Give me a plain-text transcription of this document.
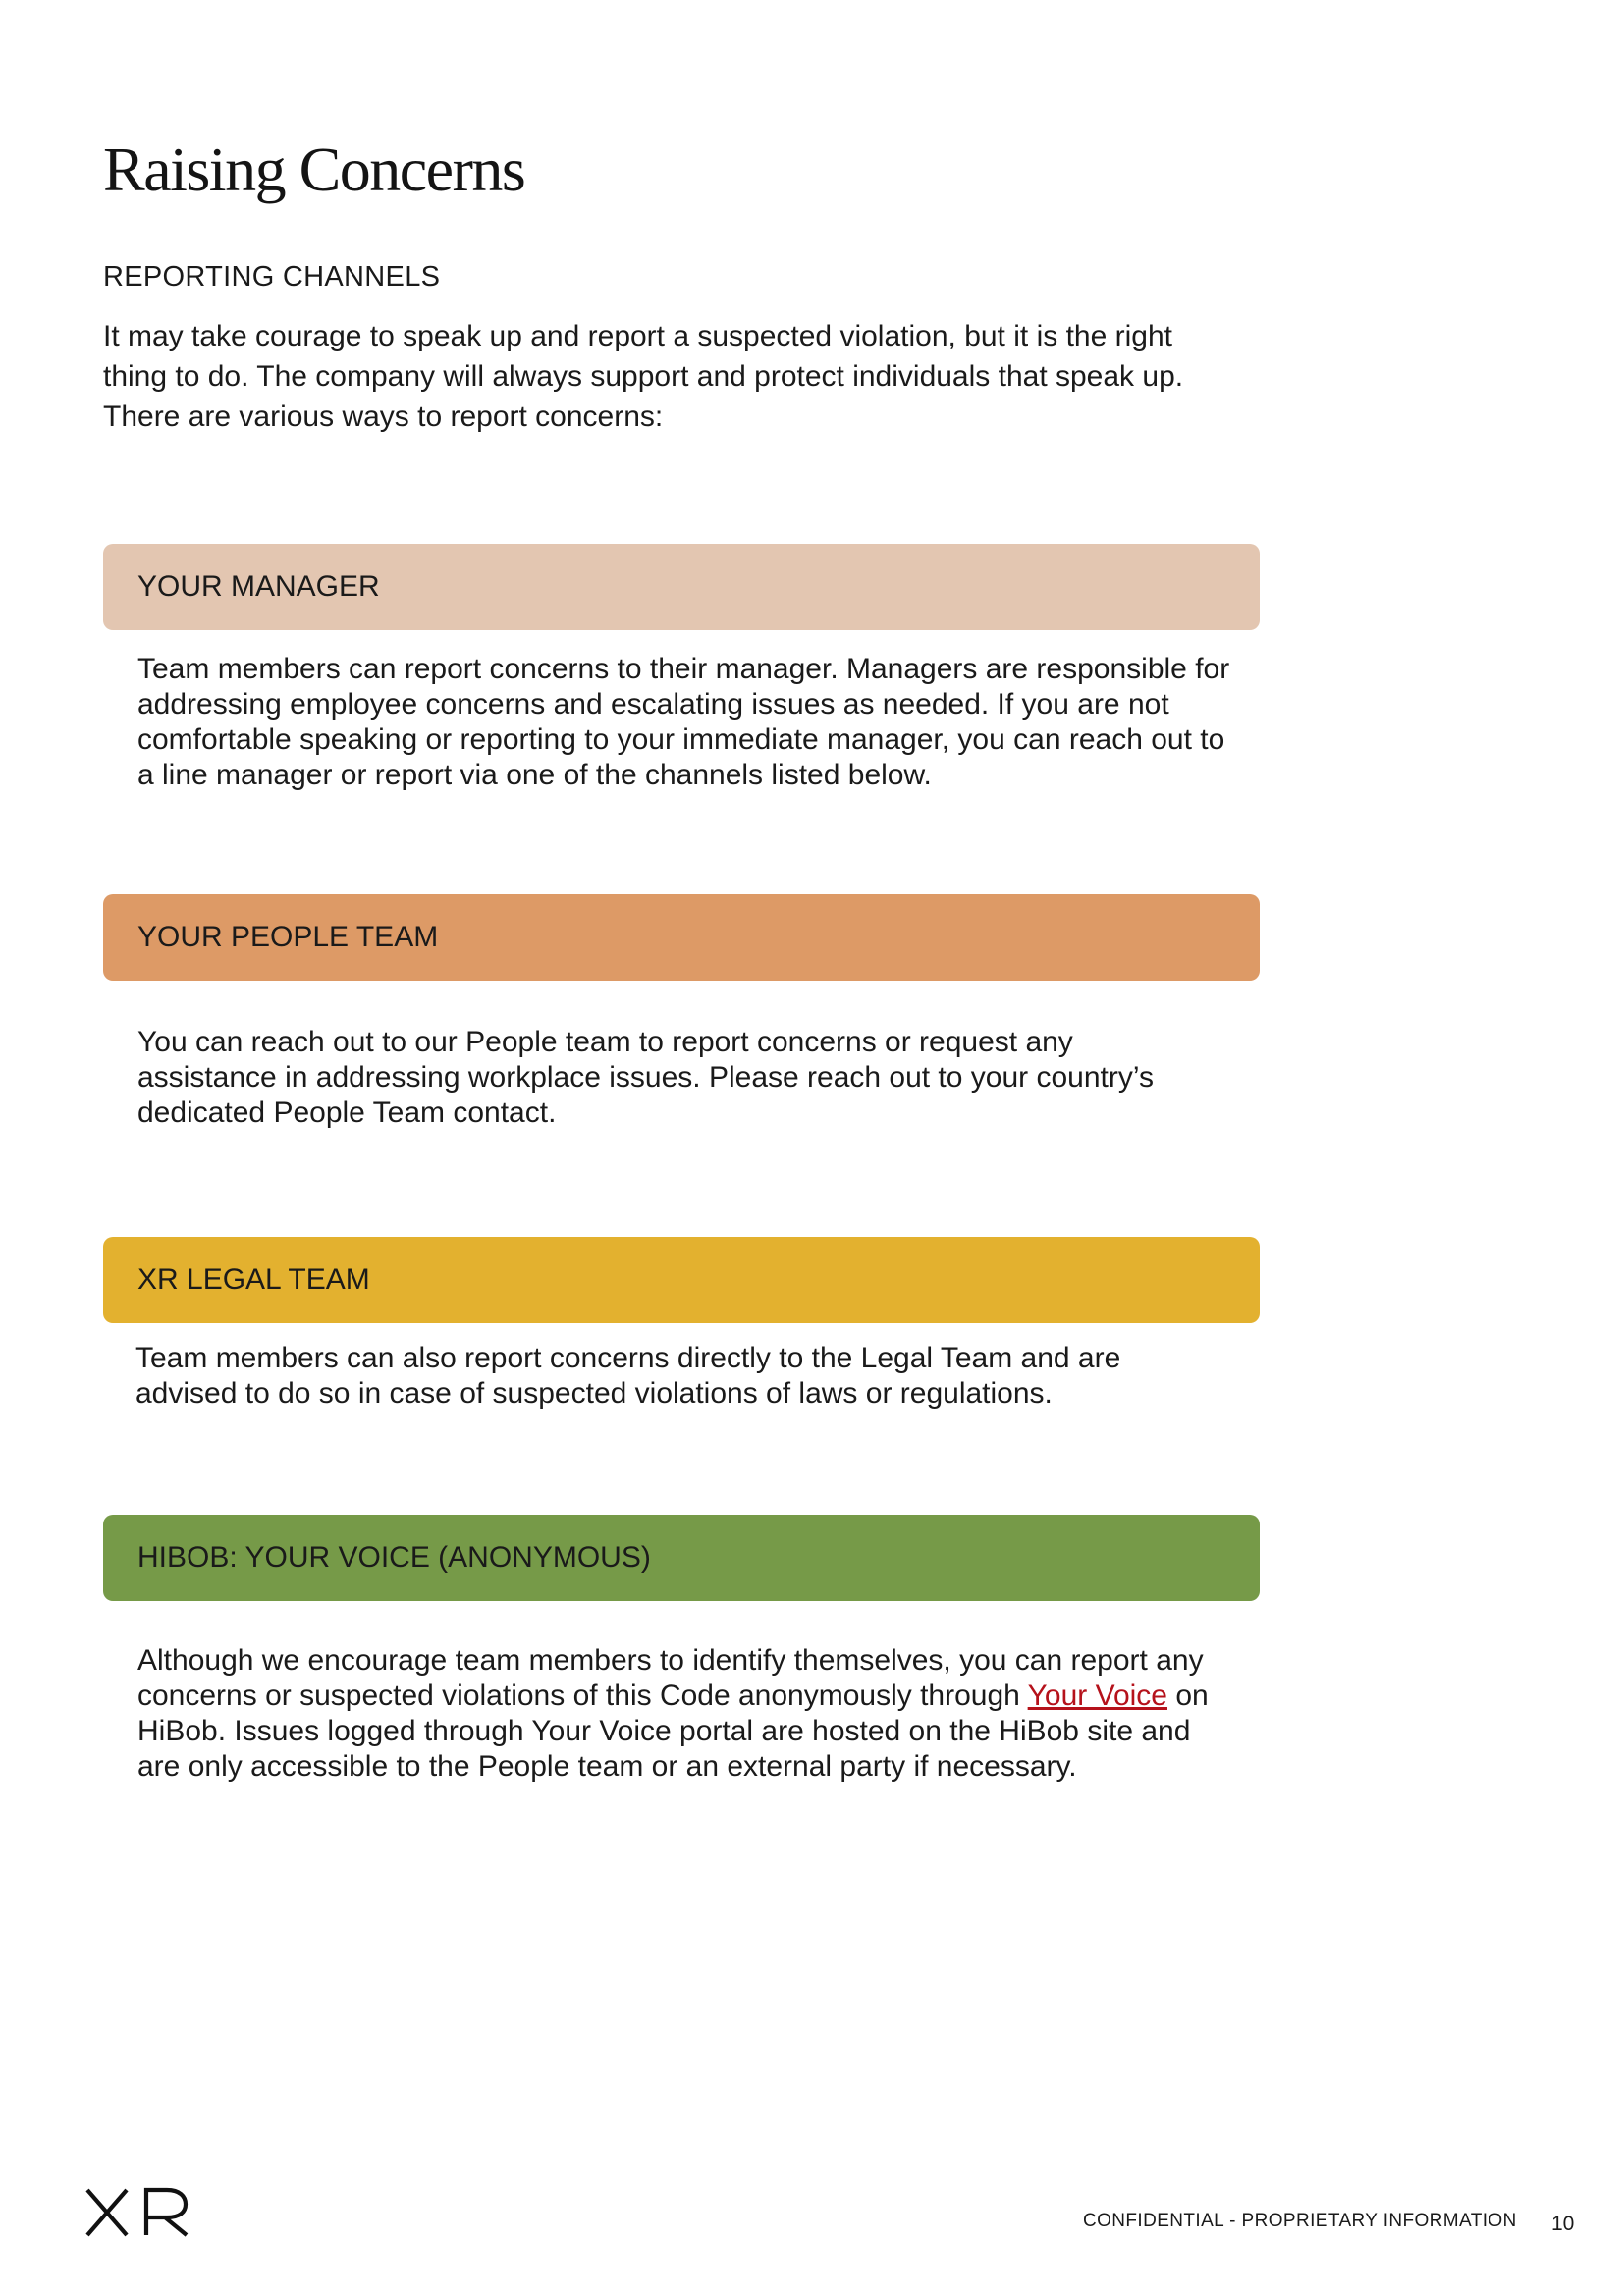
Raising Concerns
REPORTING CHANNELS
It may take courage to speak up and report a suspected violation, but it is the right thing to do. The company will always support and protect individuals that speak up. There are various ways to report concerns:
YOUR MANAGER
Team members can report concerns to their manager. Managers are responsible for addressing employee concerns and escalating issues as needed. If you are not comfortable speaking or reporting to your immediate manager, you can reach out to a line manager or report via one of the channels listed below.
YOUR PEOPLE TEAM
You can reach out to our People team to report concerns or request any assistance in addressing workplace issues. Please reach out to your country’s dedicated People Team contact.
XR LEGAL TEAM
Team members can also report concerns directly to the Legal Team and are advised to do so in case of suspected violations of laws or regulations.
HIBOB: YOUR VOICE (ANONYMOUS)
Although we encourage team members to identify themselves, you can report any concerns or suspected violations of this Code anonymously through Your Voice on HiBob. Issues logged through Your Voice portal are hosted on the HiBob site and are only accessible to the People team or an external party if necessary.
CONFIDENTIAL - PROPRIETARY INFORMATION 10
